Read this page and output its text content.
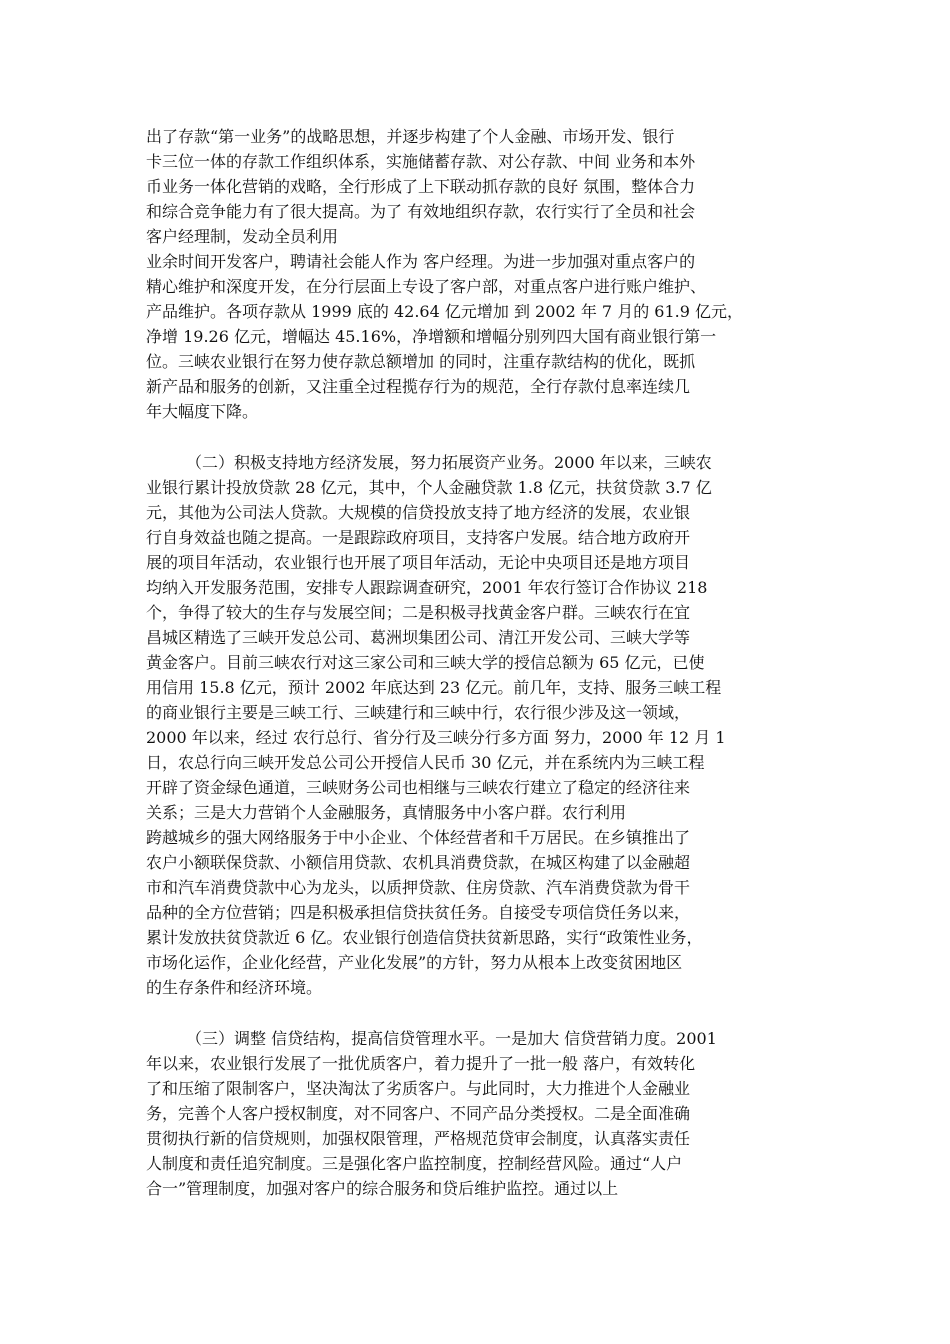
出了存款“第一业务”的战略思想，并逐步构建了个人金融、市场开发、银行
卡三位一体的存款工作组织体系，实施储蓄存款、对公存款、中间 业务和本外
币业务一体化营销的戏略，全行形成了上下联动抓存款的良好 氛围，整体合力
和综合竞争能力有了很大提高。为了 有效地组织存款，农行实行了全员和社会
客户经理制，发动全员利用
业余时间开发客户，聘请社会能人作为 客户经理。为进一步加强对重点客户的
精心维护和深度开发，在分行层面上专设了客户部，对重点客户进行账户维护、
产品维护。各项存款从 1999 底的 42.64 亿元增加 到 2002 年 7 月的 61.9 亿元，
净增 19.26 亿元，增幅达 45.16%，净增额和增幅分别列四大国有商业银行第一
位。三峡农业银行在努力使存款总额增加 的同时，注重存款结构的优化，既抓
新产品和服务的创新，又注重全过程揽存行为的规范，全行存款付息率连续几
年大幅度下降。
（二）积极支持地方经济发展，努力拓展资产业务。2000 年以来，三峡农
业银行累计投放贷款 28 亿元，其中，个人金融贷款 1.8 亿元，扶贫贷款 3.7 亿
元，其他为公司法人贷款。大规模的信贷投放支持了地方经济的发展，农业银
行自身效益也随之提高。一是跟踪政府项目，支持客户发展。结合地方政府开
展的项目年活动，农业银行也开展了项目年活动，无论中央项目还是地方项目
均纳入开发服务范围，安排专人跟踪调查研究，2001 年农行签订合作协议 218
个，争得了较大的生存与发展空间；二是积极寻找黄金客户群。三峡农行在宜
昌城区精选了三峡开发总公司、葛洲坝集团公司、清江开发公司、三峡大学等
黄金客户。目前三峡农行对这三家公司和三峡大学的授信总额为 65 亿元，已使
用信用 15.8 亿元，预计 2002 年底达到 23 亿元。前几年，支持、服务三峡工程
的商业银行主要是三峡工行、三峡建行和三峡中行，农行很少涉及这一领域，
2000 年以来，经过 农行总行、省分行及三峡分行多方面 努力，2000 年 12 月 1
日，农总行向三峡开发总公司公开授信人民币 30 亿元，并在系统内为三峡工程
开辟了资金绿色通道，三峡财务公司也相继与三峡农行建立了稳定的经济往来
关系；三是大力营销个人金融服务，真情服务中小客户群。农行利用
跨越城乡的强大网络服务于中小企业、个体经营者和千万居民。在乡镇推出了
农户小额联保贷款、小额信用贷款、农机具消费贷款，在城区构建了以金融超
市和汽车消费贷款中心为龙头，以质押贷款、住房贷款、汽车消费贷款为骨干
品种的全方位营销；四是积极承担信贷扶贫任务。自接受专项信贷任务以来，
累计发放扶贫贷款近 6 亿。农业银行创造信贷扶贫新思路，实行“政策性业务，
市场化运作，企业化经营，产业化发展”的方针，努力从根本上改变贫困地区
的生存条件和经济环境。
（三）调整 信贷结构，提高信贷管理水平。一是加大 信贷营销力度。2001
年以来，农业银行发展了一批优质客户，着力提升了一批一般 落户，有效转化
了和压缩了限制客户，坚决淘汰了劣质客户。与此同时，大力推进个人金融业
务，完善个人客户授权制度，对不同客户、不同产品分类授权。二是全面准确
贯彻执行新的信贷规则，加强权限管理，严格规范贷审会制度，认真落实责任
人制度和责任追究制度。三是强化客户监控制度，控制经营风险。通过“人户
合一”管理制度，加强对客户的综合服务和贷后维护监控。通过以上
